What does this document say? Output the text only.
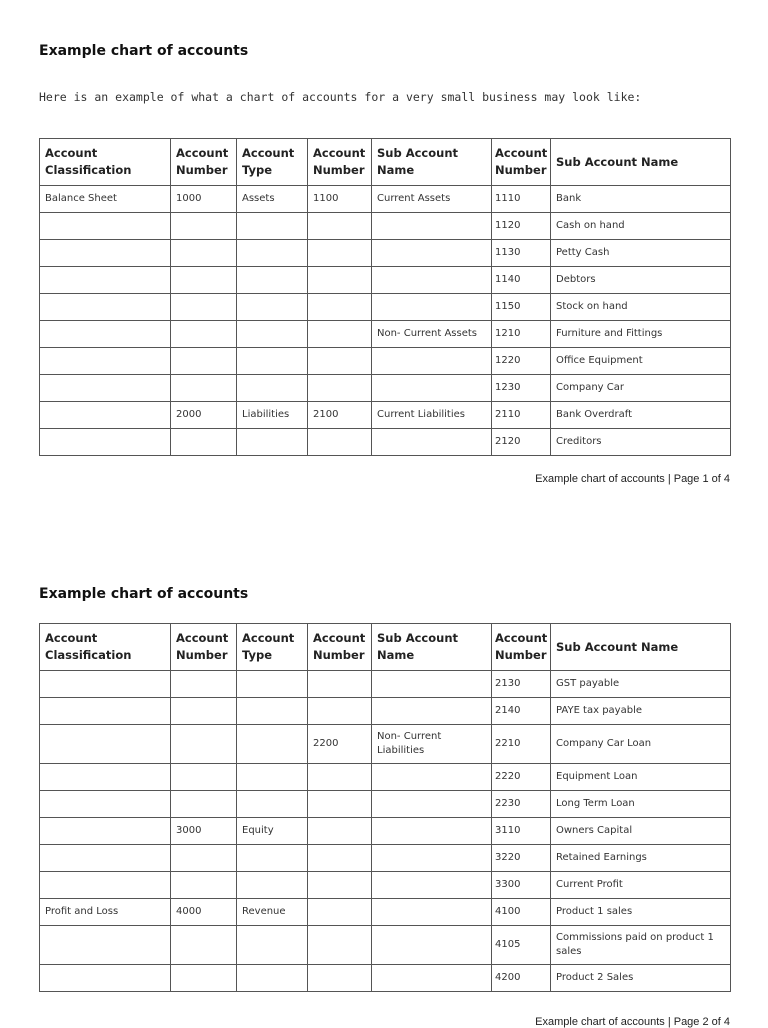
Example chart of accounts
Here is an example of what a chart of accounts for a very small business may look like:
Account Classification	Account Number	Account Type	Account Number	Sub Account Name	Account Number	Sub Account Name
Balance Sheet	1000	Assets	1100	Current Assets	1110	Bank
					1120	Cash on hand
					1130	Petty Cash
					1140	Debtors
					1150	Stock on hand
				Non- Current Assets	1210	Furniture and Fittings
					1220	Office Equipment
					1230	Company Car
	2000	Liabilities	2100	Current Liabilities	2110	Bank Overdraft
					2120	Creditors
Example chart of accounts | Page 1 of 4
Example chart of accounts
Account Classification	Account Number	Account Type	Account Number	Sub Account Name	Account Number	Sub Account Name
					2130	GST payable
					2140	PAYE tax payable
			2200	Non- Current Liabilities	2210	Company Car Loan
					2220	Equipment Loan
					2230	Long Term Loan
	3000	Equity			3110	Owners Capital
					3220	Retained Earnings
					3300	Current Profit
Profit and Loss	4000	Revenue			4100	Product 1 sales
					4105	Commissions paid on product 1 sales
					4200	Product 2 Sales
Example chart of accounts | Page 2 of 4
